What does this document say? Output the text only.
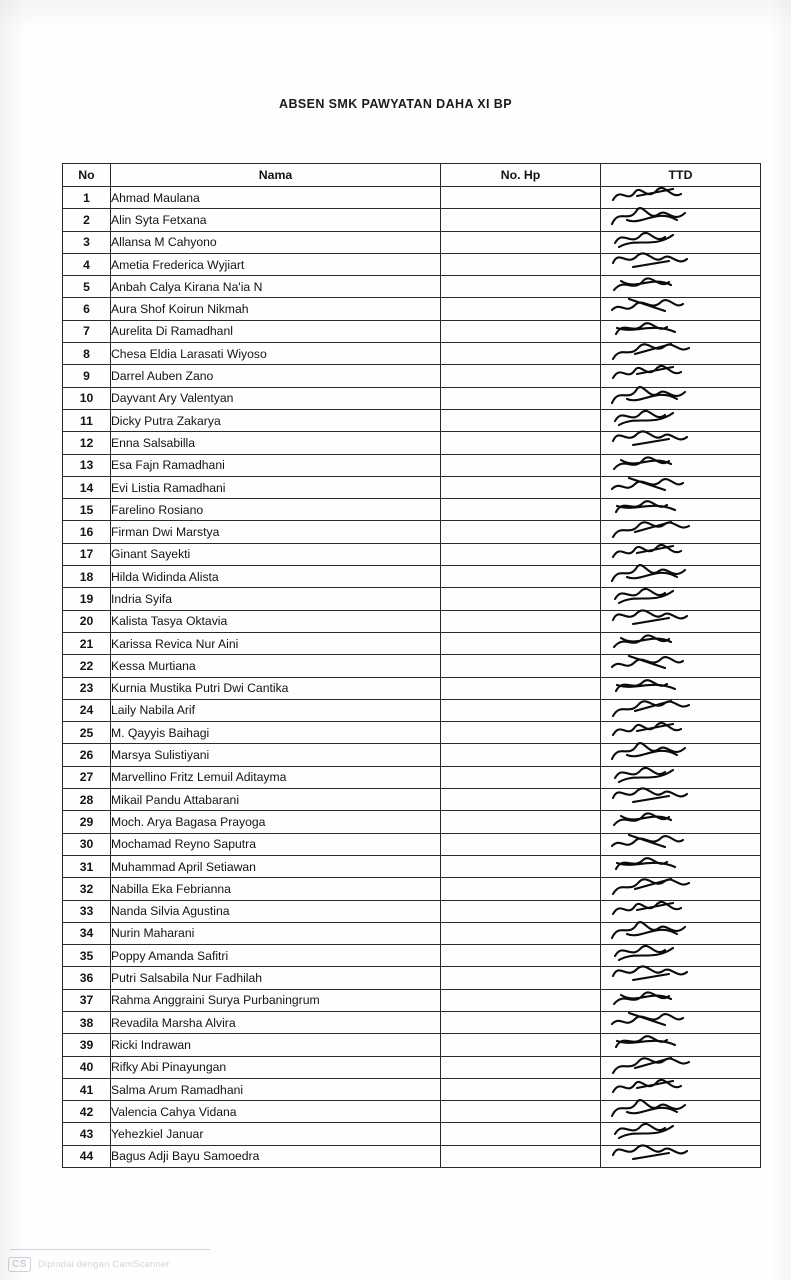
ABSEN SMK PAWYATAN DAHA XI BP
No	Nama	No. Hp	TTD
1	Ahmad Maulana		

2	Alin Syta Fetxana		

3	Allansa M Cahyono		

4	Ametia Frederica Wyjiart		

5	Anbah Calya Kirana Na'ia N		

6	Aura Shof Koirun Nikmah		

7	Aurelita Di Ramadhanl		

8	Chesa Eldia Larasati Wiyoso		

9	Darrel Auben Zano		

10	Dayvant Ary Valentyan		

11	Dicky Putra Zakarya		

12	Enna Salsabilla		

13	Esa Fajn Ramadhani		

14	Evi Listia Ramadhani		

15	Farelino Rosiano		

16	Firman Dwi Marstya		

17	Ginant Sayekti		

18	Hilda Widinda Alista		

19	Indria Syifa		

20	Kalista Tasya Oktavia		

21	Karissa Revica Nur Aini		

22	Kessa Murtiana		

23	Kurnia Mustika Putri Dwi Cantika		

24	Laily Nabila Arif		

25	M. Qayyis Baihagi		

26	Marsya Sulistiyani		

27	Marvellino Fritz Lemuil Aditayma		

28	Mikail Pandu Attabarani		

29	Moch. Arya Bagasa Prayoga		

30	Mochamad Reyno Saputra		

31	Muhammad April Setiawan		

32	Nabilla Eka Febrianna		

33	Nanda Silvia Agustina		

34	Nurin Maharani		

35	Poppy Amanda Safitri		

36	Putri Salsabila Nur Fadhilah		

37	Rahma Anggraini Surya Purbaningrum		

38	Revadila Marsha Alvira		

39	Ricki Indrawan		

40	Rifky Abi Pinayungan		

41	Salma Arum Ramadhani		

42	Valencia Cahya Vidana		

43	Yehezkiel Januar		

44	Bagus Adji Bayu Samoedra		
CS	Dipindai dengan CamScanner
